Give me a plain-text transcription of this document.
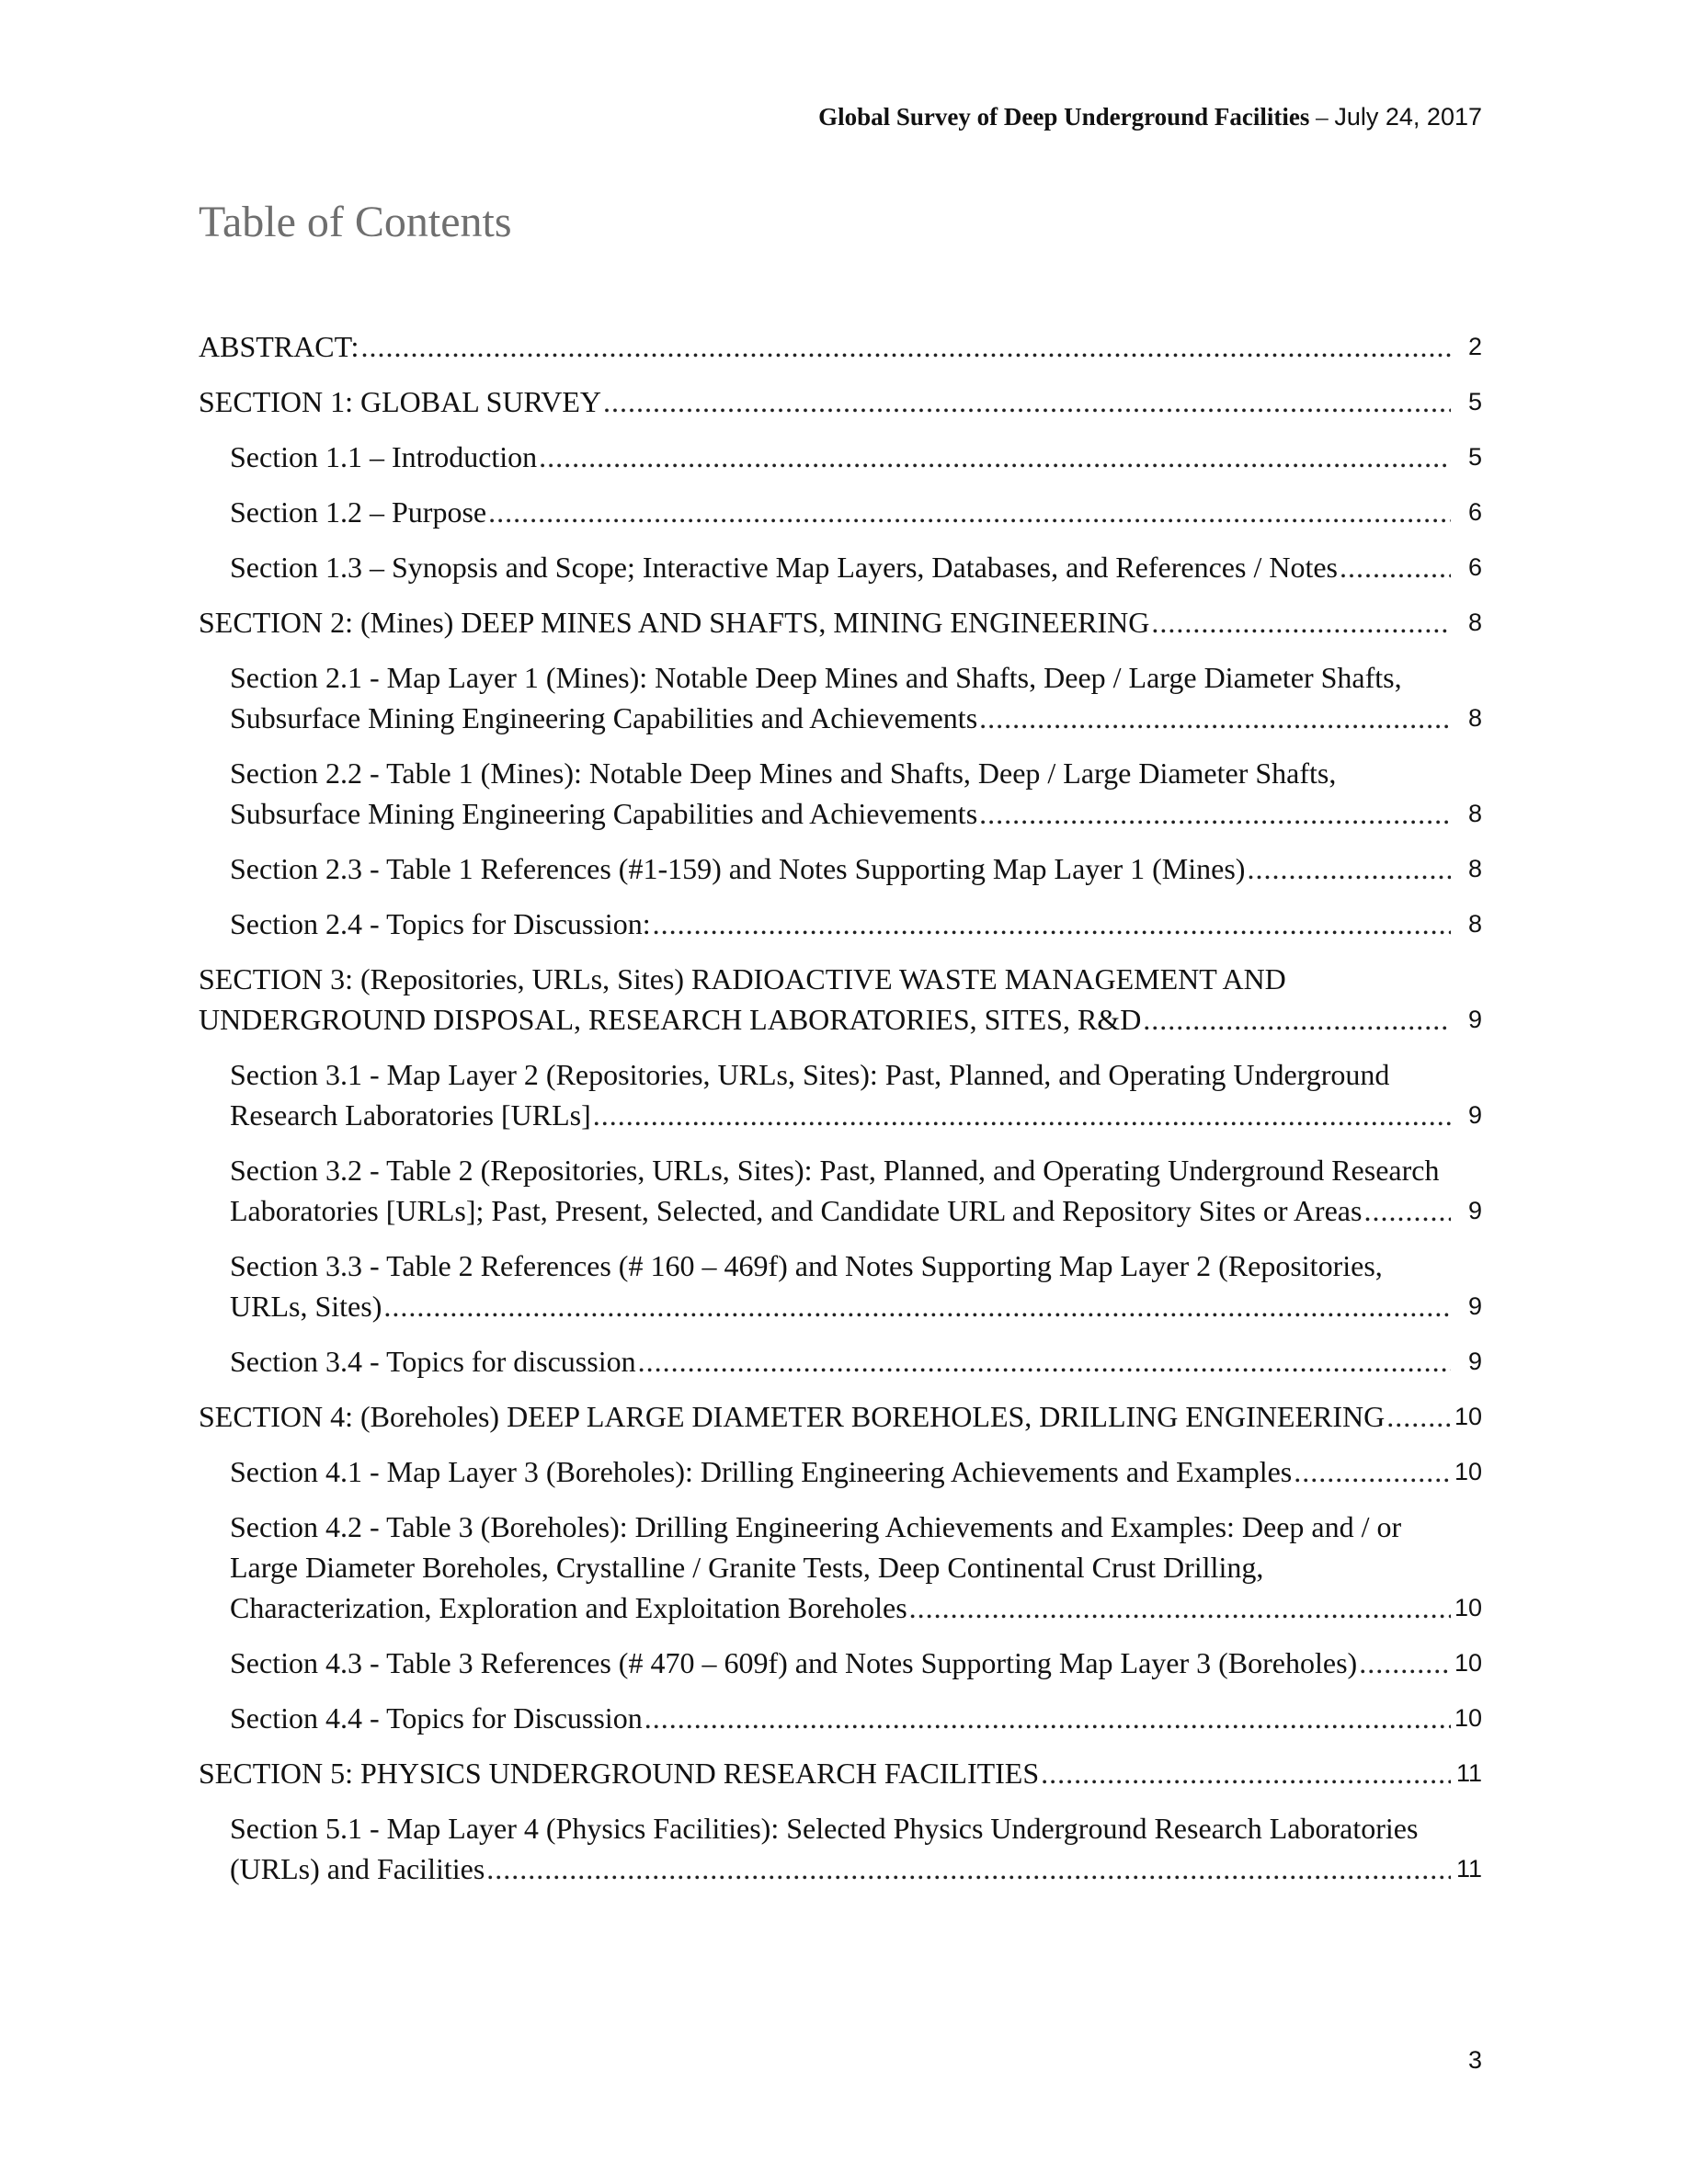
Global Survey of Deep Underground Facilities – July 24, 2017
Table of Contents
ABSTRACT: .....	2
SECTION 1: GLOBAL SURVEY .....	5
Section 1.1 – Introduction .....	5
Section 1.2 – Purpose .....	6
Section 1.3 – Synopsis and Scope; Interactive Map Layers, Databases, and References / Notes .....	6
SECTION 2: (Mines) DEEP MINES AND SHAFTS, MINING ENGINEERING .....	8
Section 2.1 - Map Layer 1 (Mines): Notable Deep Mines and Shafts, Deep / Large Diameter Shafts,
Subsurface Mining Engineering Capabilities and Achievements .....	8
Section 2.2 - Table 1 (Mines): Notable Deep Mines and Shafts, Deep / Large Diameter Shafts,
Subsurface Mining Engineering Capabilities and Achievements .....	8
Section 2.3 - Table 1 References (#1-159) and Notes Supporting Map Layer 1 (Mines) .....	8
Section 2.4 - Topics for Discussion: .....	8
SECTION 3: (Repositories, URLs, Sites) RADIOACTIVE WASTE MANAGEMENT AND
UNDERGROUND DISPOSAL, RESEARCH LABORATORIES, SITES, R&D .....	9
Section 3.1 - Map Layer 2 (Repositories, URLs, Sites): Past, Planned, and Operating Underground
Research Laboratories [URLs] .....	9
Section 3.2 - Table 2 (Repositories, URLs, Sites): Past, Planned, and Operating Underground Research
Laboratories [URLs]; Past, Present, Selected, and Candidate URL and Repository Sites or Areas .....	9
Section 3.3 - Table 2 References (# 160 – 469f) and Notes Supporting Map Layer 2 (Repositories,
URLs, Sites) .....	9
Section 3.4 - Topics for discussion .....	9
SECTION 4: (Boreholes) DEEP LARGE DIAMETER BOREHOLES, DRILLING ENGINEERING .....	10
Section 4.1 - Map Layer 3 (Boreholes): Drilling Engineering Achievements and Examples .....	10
Section 4.2 - Table 3 (Boreholes): Drilling Engineering Achievements and Examples: Deep and / or
Large Diameter Boreholes, Crystalline / Granite Tests, Deep Continental Crust Drilling,
Characterization, Exploration and Exploitation Boreholes .....	10
Section 4.3 - Table 3 References (# 470 – 609f) and Notes Supporting Map Layer 3 (Boreholes) .....	10
Section 4.4 - Topics for Discussion .....	10
SECTION 5: PHYSICS UNDERGROUND RESEARCH FACILITIES .....	11
Section 5.1 - Map Layer 4 (Physics Facilities): Selected Physics Underground Research Laboratories
(URLs) and Facilities .....	11
3
